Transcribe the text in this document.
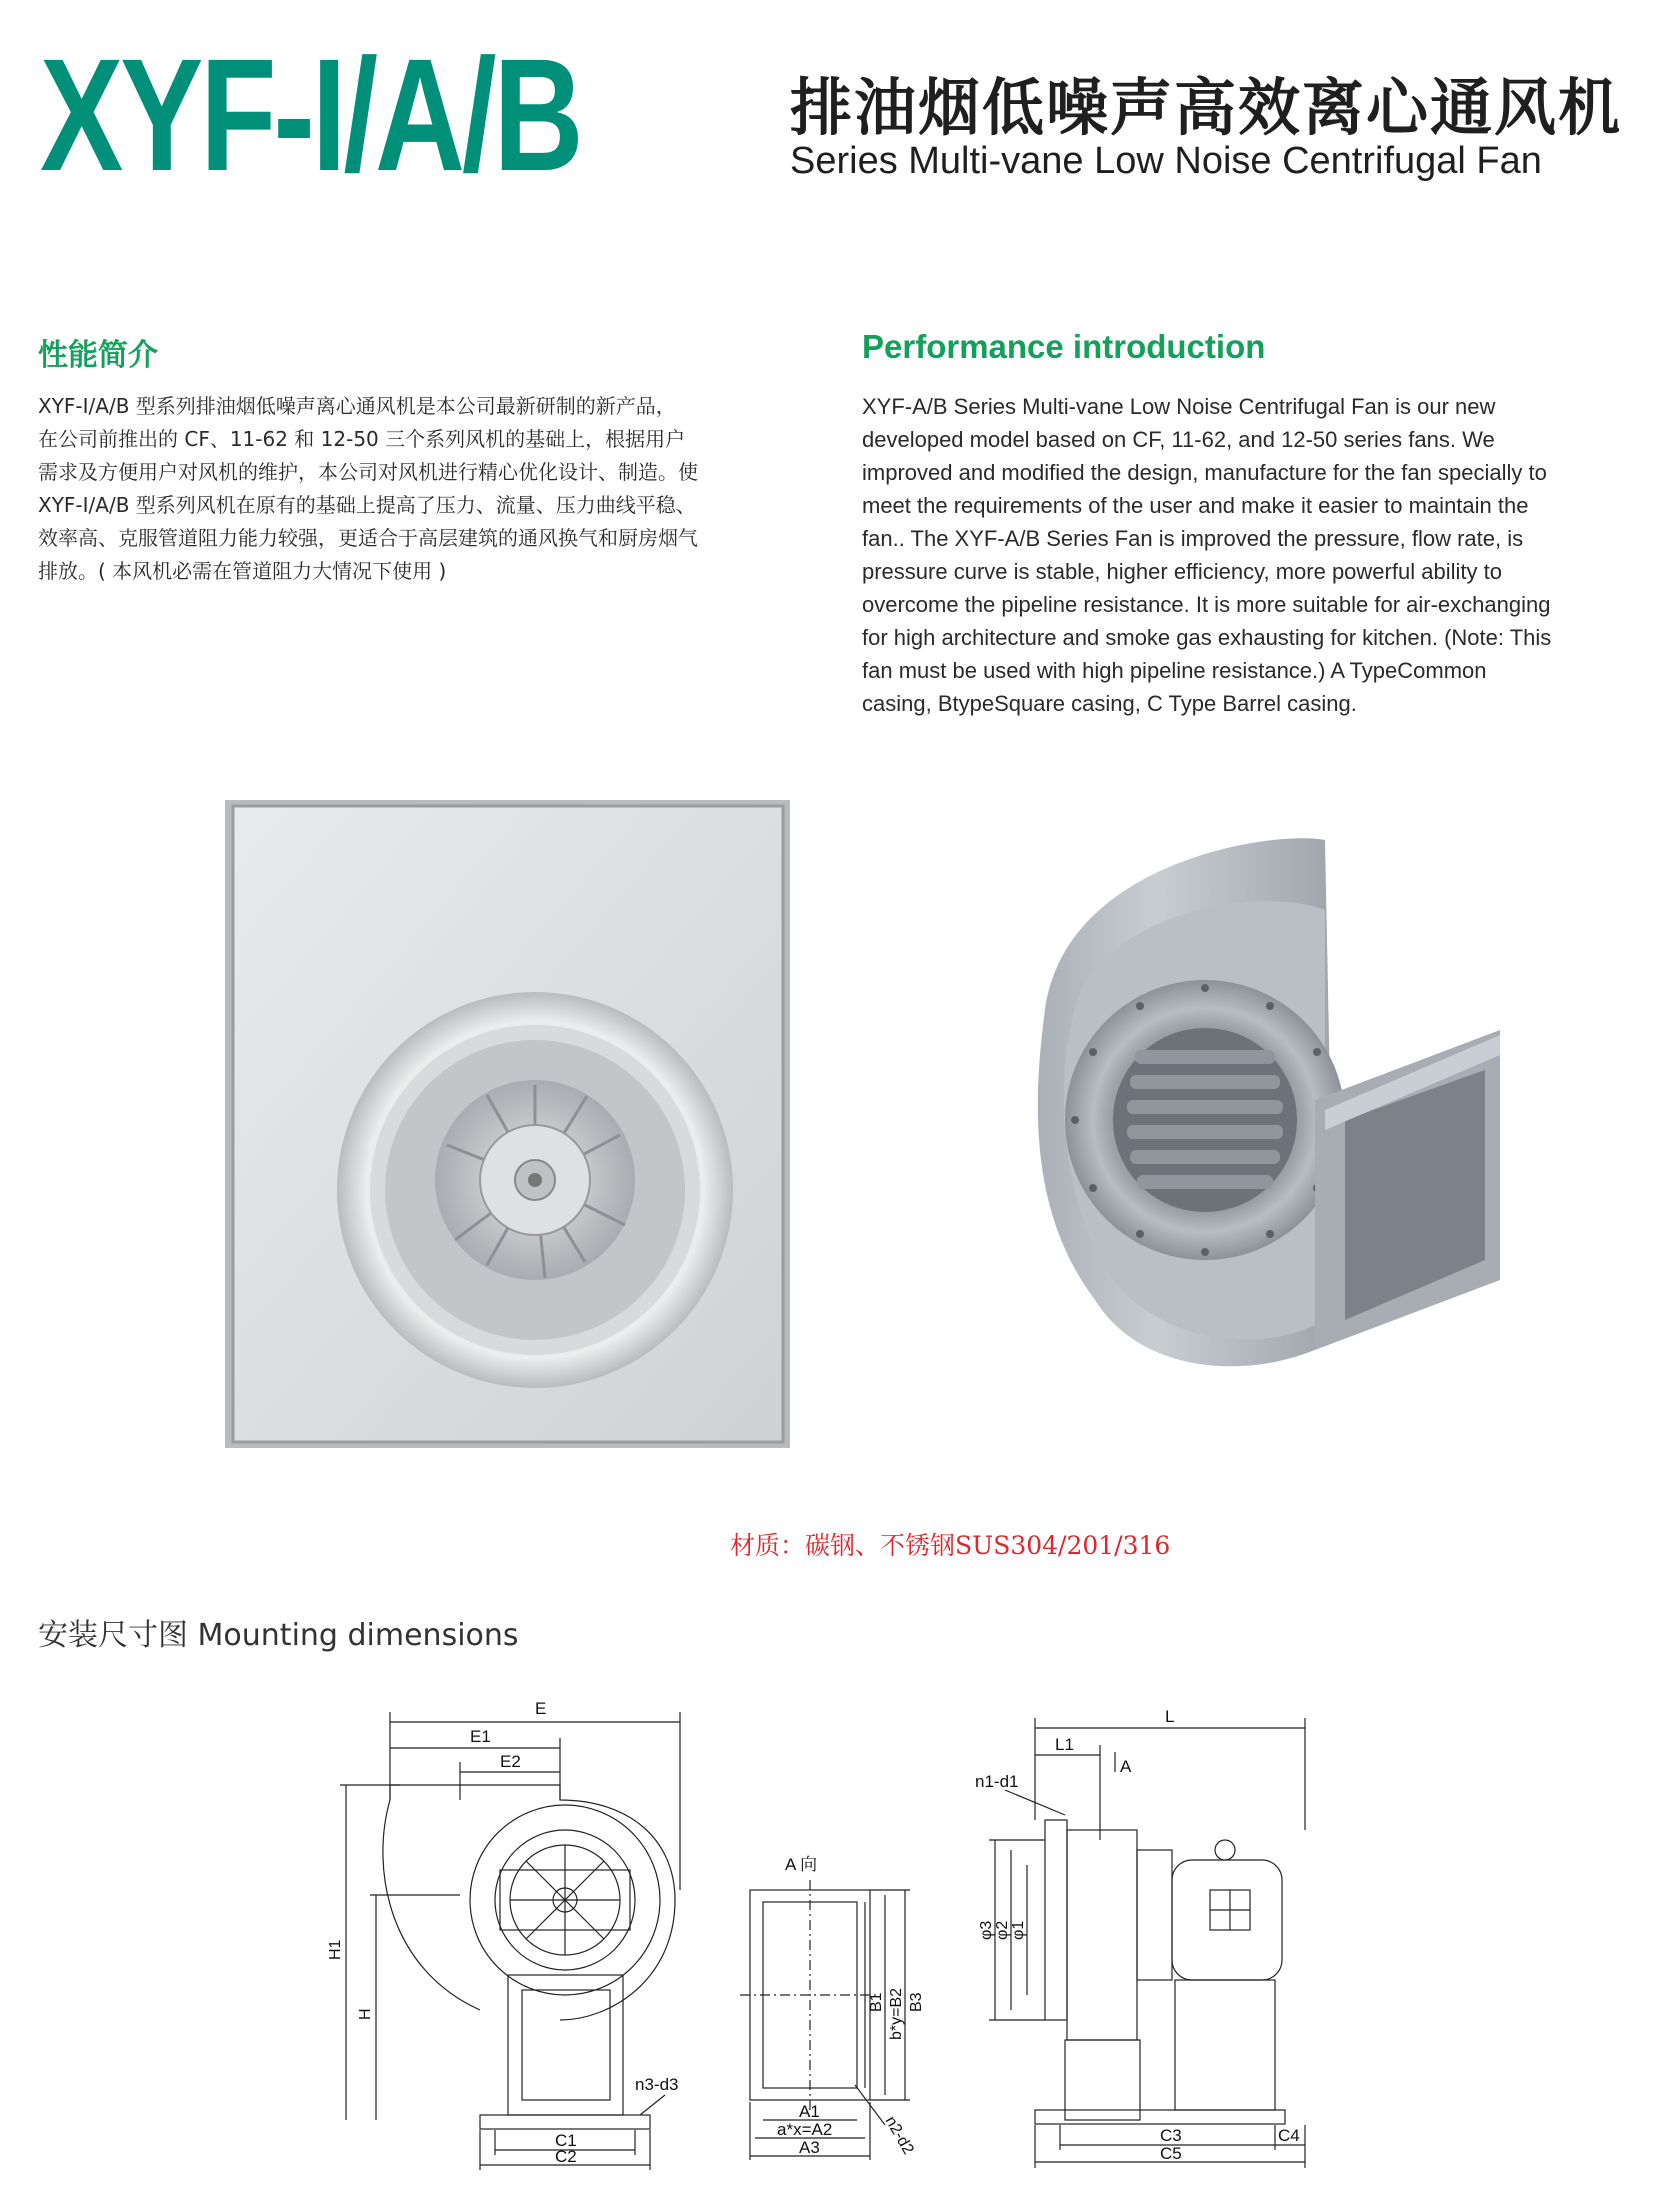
XYF-I/A/B	排油烟低噪声高效离心通风机
Series Multi-vane Low Noise Centrifugal Fan
性能简介
XYF-I/A/B 型系列排油烟低噪声离心通风机是本公司最新研制的新产品，
在公司前推出的 CF、11-62 和 12-50 三个系列风机的基础上，根据用户
需求及方便用户对风机的维护，本公司对风机进行精心优化设计、制造。使
XYF-I/A/B 型系列风机在原有的基础上提高了压力、流量、压力曲线平稳、
效率高、克服管道阻力能力较强，更适合于高层建筑的通风换气和厨房烟气
排放。( 本风机必需在管道阻力大情况下使用 )
Performance introduction
XYF-A/B Series Multi-vane Low Noise Centrifugal Fan is our new
developed model based on CF, 11-62, and 12-50 series fans. We
improved and modified the design, manufacture for the fan specially to
meet the requirements of the user and make it easier to maintain the
fan.. The XYF-A/B Series Fan is improved the pressure, flow rate, is
pressure curve is stable, higher efficiency, more powerful ability to
overcome the pipeline resistance. It is more suitable for air-exchanging
for high architecture and smoke gas exhausting for kitchen. (Note: This
fan must be used with high pipeline resistance.) A TypeCommon
casing, BtypeSquare casing, C Type Barrel casing.
材质：碳钢、不锈钢SUS304/201/316
安装尺寸图 Mounting dimensions
E
E1
E2
H1
H
n3-d3
C1
C2
A 向
B1 b*y=B2 B3
A1
a*x=A2
A3	n2-d2
L
L1
A
n1-d1
φ3 φ2 φ1
C3	C4
C5
